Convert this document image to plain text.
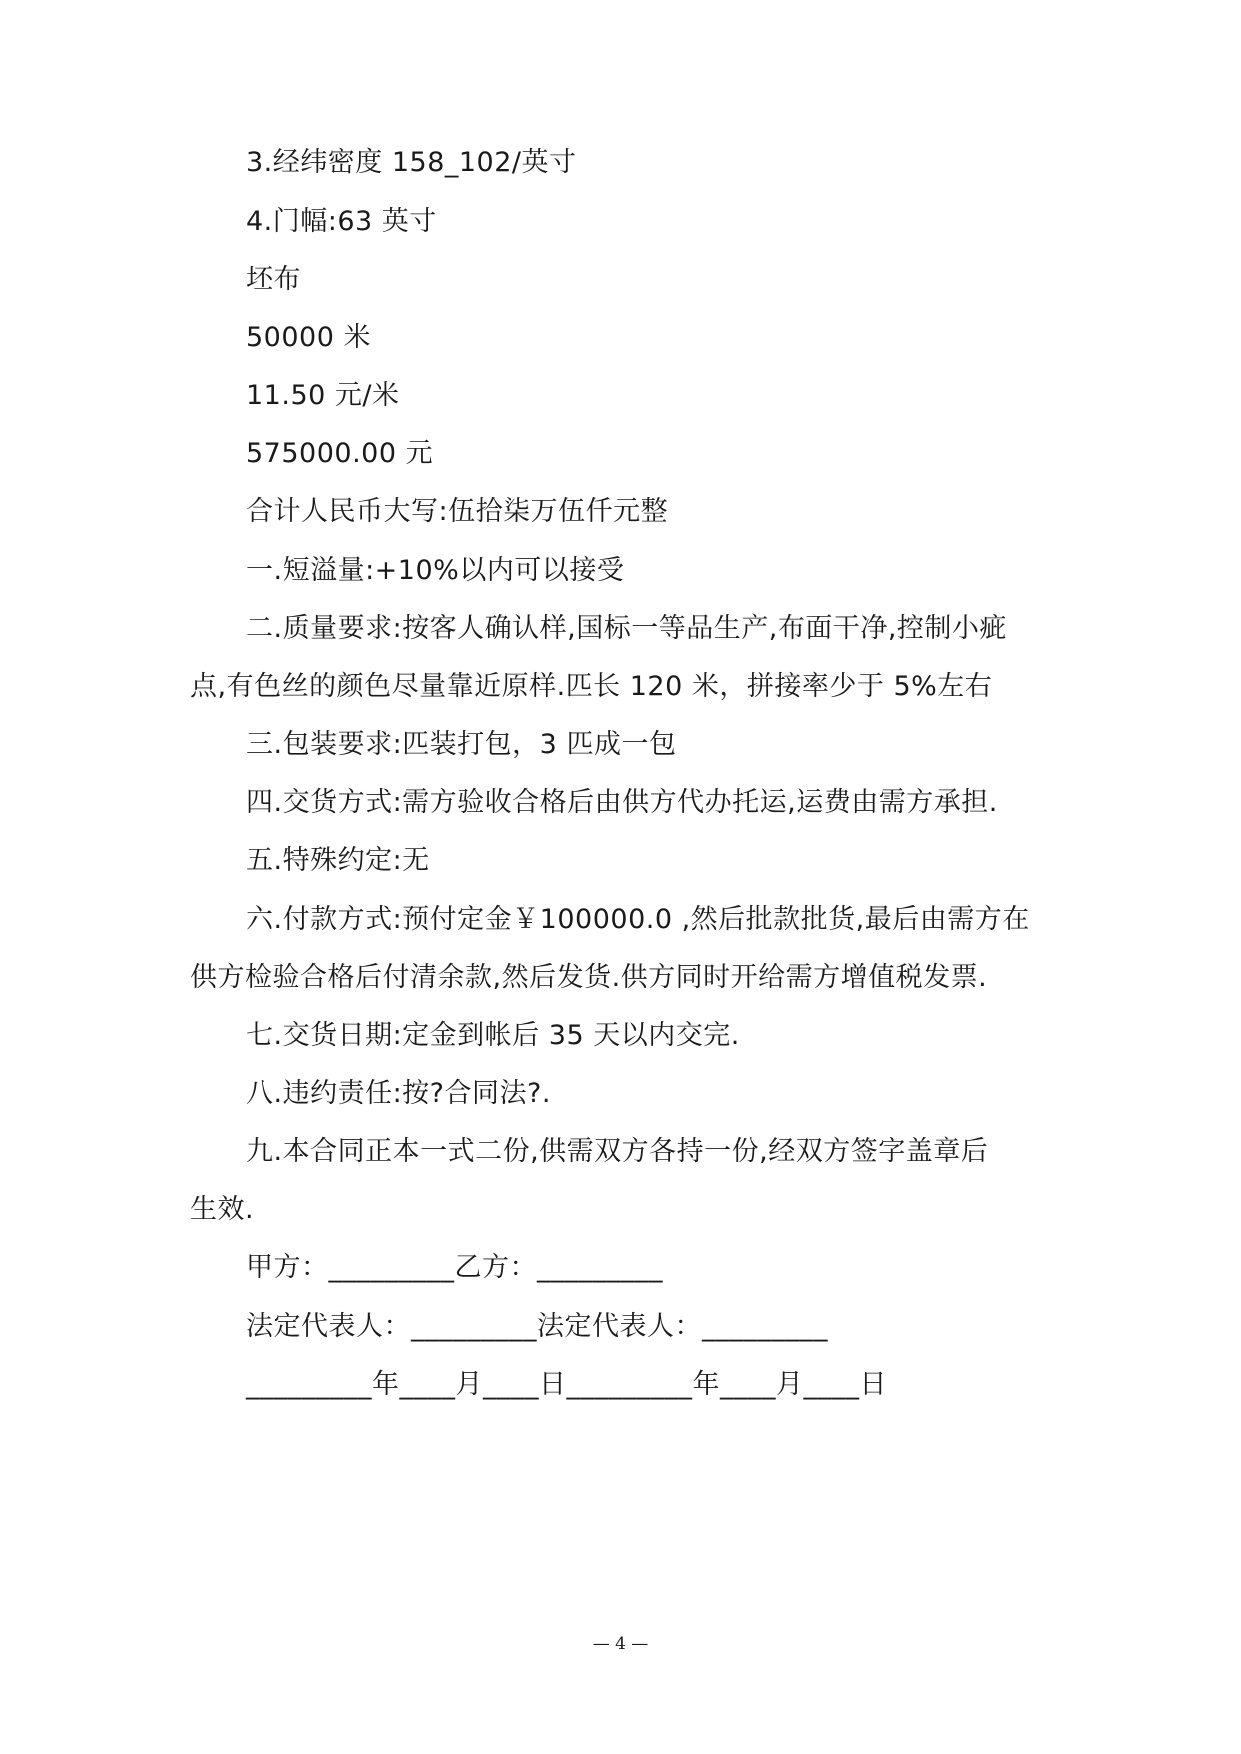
3.经纬密度 158_102/英寸
4.门幅:63 英寸
坯布
50000 米
11.50 元/米
575000.00 元
合计人民币大写:伍拾柒万伍仟元整
一.短溢量:+10%以内可以接受
二.质量要求:按客人确认样,国标一等品生产,布面干净,控制小疵
点,有色丝的颜色尽量靠近原样.匹长 120 米，拼接率少于 5%左右
三.包装要求:匹装打包，3 匹成一包
四.交货方式:需方验收合格后由供方代办托运,运费由需方承担.
五.特殊约定:无
六.付款方式:预付定金￥100000.0 ,然后批款批货,最后由需方在
供方检验合格后付清余款,然后发货.供方同时开给需方增值税发票.
七.交货日期:定金到帐后 35 天以内交完.
八.违约责任:按?合同法?.
九.本合同正本一式二份,供需双方各持一份,经双方签字盖章后
生效.
甲方：_________乙方：_________
法定代表人：_________法定代表人：_________
_________年____月____日_________年____月____日
— 4 —
